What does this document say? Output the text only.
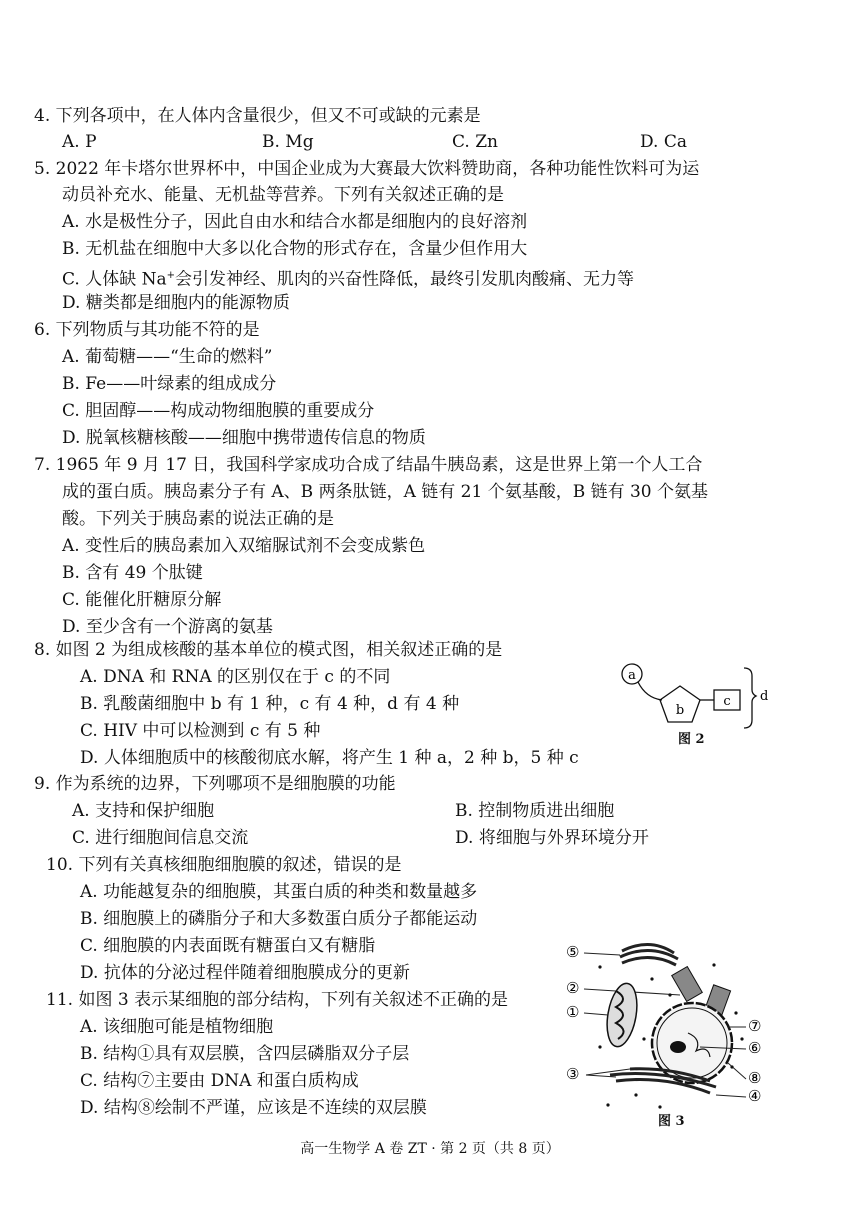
4. 下列各项中，在人体内含量很少，但又不可或缺的元素是
A. P	B. Mg	C. Zn	D. Ca
5. 2022 年卡塔尔世界杯中，中国企业成为大赛最大饮料赞助商，各种功能性饮料可为运
动员补充水、能量、无机盐等营养。下列有关叙述正确的是
A. 水是极性分子，因此自由水和结合水都是细胞内的良好溶剂
B. 无机盐在细胞中大多以化合物的形式存在，含量少但作用大
C. 人体缺 Na+会引发神经、肌肉的兴奋性降低，最终引发肌肉酸痛、无力等
D. 糖类都是细胞内的能源物质
6. 下列物质与其功能不符的是
A. 葡萄糖——“生命的燃料”
B. Fe——叶绿素的组成成分
C. 胆固醇——构成动物细胞膜的重要成分
D. 脱氧核糖核酸——细胞中携带遗传信息的物质
7. 1965 年 9 月 17 日，我国科学家成功合成了结晶牛胰岛素，这是世界上第一个人工合
成的蛋白质。胰岛素分子有 A、B 两条肽链，A 链有 21 个氨基酸，B 链有 30 个氨基
酸。下列关于胰岛素的说法正确的是
A. 变性后的胰岛素加入双缩脲试剂不会变成紫色
B. 含有 49 个肽键
C. 能催化肝糖原分解
D. 至少含有一个游离的氨基
8. 如图 2 为组成核酸的基本单位的模式图，相关叙述正确的是
A. DNA 和 RNA 的区别仅在于 c 的不同
B. 乳酸菌细胞中 b 有 1 种，c 有 4 种，d 有 4 种
C. HIV 中可以检测到 c 有 5 种
D. 人体细胞质中的核酸彻底水解，将产生 1 种 a，2 种 b，5 种 c
a
b
c d
图 2
9. 作为系统的边界，下列哪项不是细胞膜的功能
A. 支持和保护细胞	B. 控制物质进出细胞
C. 进行细胞间信息交流	D. 将细胞与外界环境分开
10. 下列有关真核细胞细胞膜的叙述，错误的是
A. 功能越复杂的细胞膜，其蛋白质的种类和数量越多
B. 细胞膜上的磷脂分子和大多数蛋白质分子都能运动
C. 细胞膜的内表面既有糖蛋白又有糖脂
D. 抗体的分泌过程伴随着细胞膜成分的更新
11. 如图 3 表示某细胞的部分结构，下列有关叙述不正确的是
A. 该细胞可能是植物细胞
B. 结构①具有双层膜，含四层磷脂双分子层
C. 结构⑦主要由 DNA 和蛋白质构成
D. 结构⑧绘制不严谨，应该是不连续的双层膜
⑤
②
①
③
⑦
⑥
⑧
④
图 3
高一生物学 A 卷 ZT · 第 2 页（共 8 页）
